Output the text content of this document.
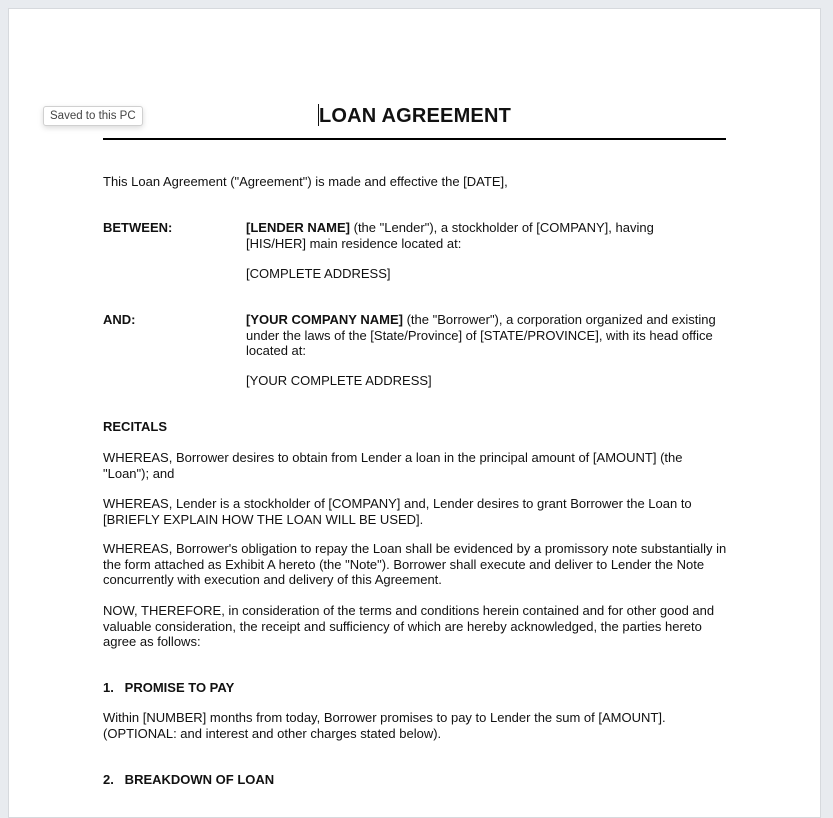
Saved to this PC	LOAN AGREEMENT
This Loan Agreement ("Agreement") is made and effective the [DATE],
BETWEEN:	[LENDER NAME] (the "Lender"), a stockholder of [COMPANY], having [HIS/HER] main residence located at:
[COMPLETE ADDRESS]
AND:	[YOUR COMPANY NAME] (the "Borrower"), a corporation organized and existing under the laws of the [State/Province] of [STATE/PROVINCE], with its head office located at:
[YOUR COMPLETE ADDRESS]
RECITALS
WHEREAS, Borrower desires to obtain from Lender a loan in the principal amount of [AMOUNT] (the "Loan"); and
WHEREAS, Lender is a stockholder of [COMPANY] and, Lender desires to grant Borrower the Loan to [BRIEFLY EXPLAIN HOW THE LOAN WILL BE USED].
WHEREAS, Borrower's obligation to repay the Loan shall be evidenced by a promissory note substantially in the form attached as Exhibit A hereto (the "Note"). Borrower shall execute and deliver to Lender the Note concurrently with execution and delivery of this Agreement.
NOW, THEREFORE, in consideration of the terms and conditions herein contained and for other good and valuable consideration, the receipt and sufficiency of which are hereby acknowledged, the parties hereto agree as follows:
1.   PROMISE TO PAY
Within [NUMBER] months from today, Borrower promises to pay to Lender the sum of [AMOUNT]. (OPTIONAL: and interest and other charges stated below).
2.   BREAKDOWN OF LOAN
